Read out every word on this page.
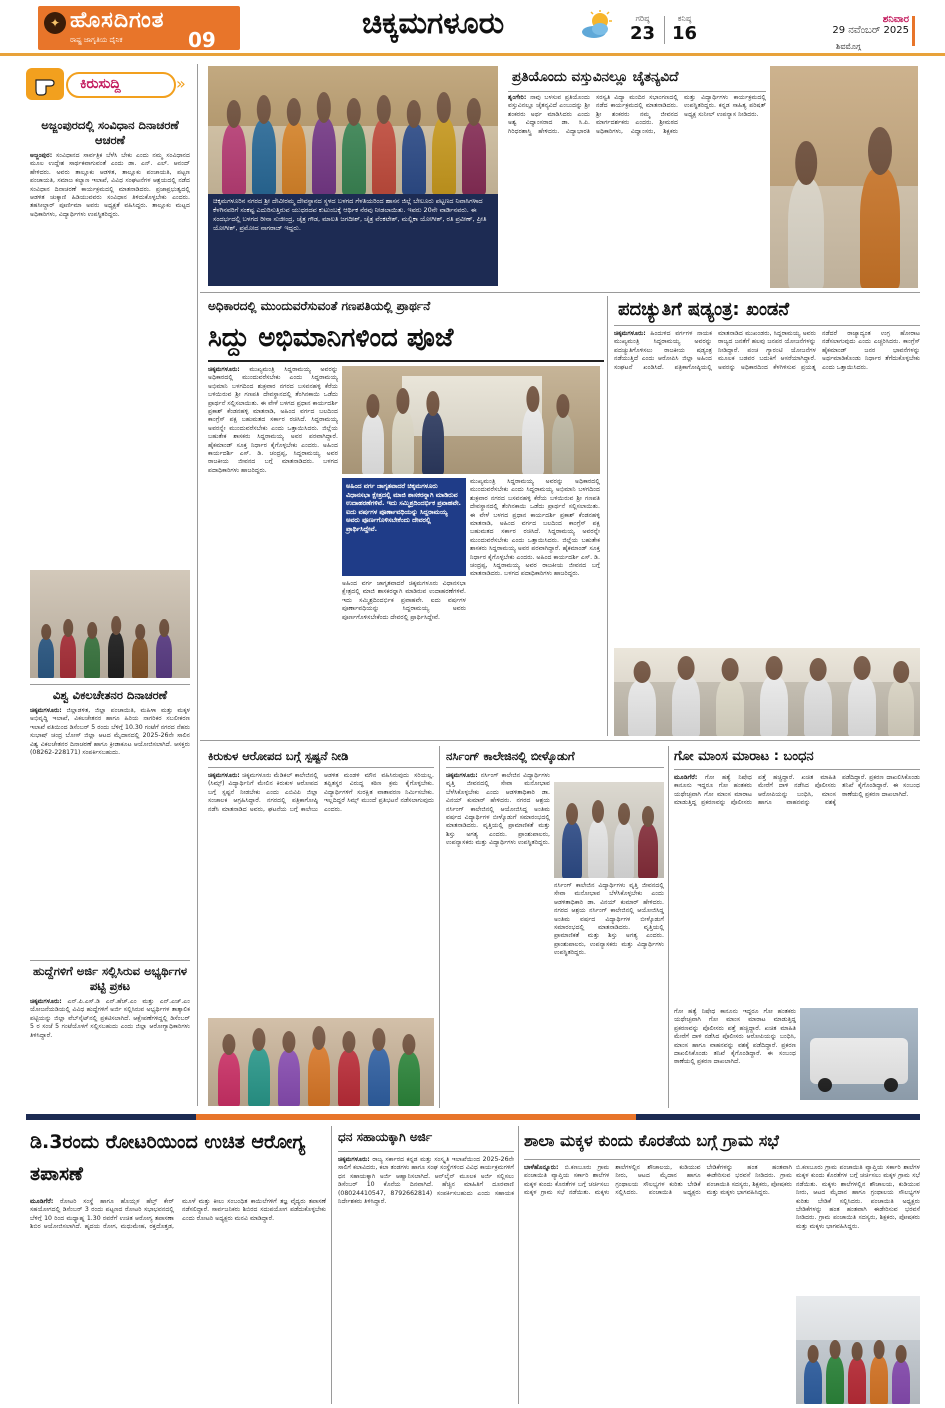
✦ ಹೊಸದಿಗಂತ
ರಾಷ್ಟ್ರ ಜಾಗೃತಿಯ ದೈನಿಕ	09	ಚಿಕ್ಕಮಗಳೂರು	ಗರಿಷ್ಠ
23
ಕನಿಷ್ಠ
16
ಶನಿವಾರ
29 ನವೆಂಬರ್ 2025
ಶಿವಮೊಗ್ಗ
ಕಿರುಸುದ್ದಿ	»
ಅಜ್ಜಂಪುರದಲ್ಲಿ ಸಂವಿಧಾನ ದಿನಾಚರಣೆ ಆಚರಣೆ
ಅಜ್ಜಂಪುರ: ಸಂವಿಧಾನದ ಸಾರ್ವತ್ರಿಕ ಬೆಳೆಸಿ ಬೇಕು ಎಂದು ನಮ್ಮ ಸಂವಿಧಾನದ ಮೂಲ ಉದ್ದೇಶ ಸಾರ್ಥಕವಾಗುವಂತೆ ಎಂದು ಡಾ. ಎನ್. ಎಲ್. ಆನಂದ್ ಹೇಳಿದರು. ಅವರು ತಾಲ್ಲೂಕು ಆಡಳಿತ, ತಾಲ್ಲೂಕು ಪಂಚಾಯತಿ, ಪಟ್ಟಣ ಪಂಚಾಯತಿ, ಸಮಾಜ ಕಲ್ಯಾಣ ಇಲಾಖೆ, ವಿವಿಧ ಸಂಘಟನೆಗಳ ಆಶ್ರಯದಲ್ಲಿ ನಡೆದ ಸಂವಿಧಾನ ದಿನಾಚರಣೆ ಕಾರ್ಯಕ್ರಮದಲ್ಲಿ ಮಾತನಾಡಿದರು. ಪ್ರಜಾಪ್ರಭುತ್ವದಲ್ಲಿ ಆಡಳಿತ ಚುಕ್ಕಾಣಿ ಹಿಡಿಯುವವರು ಸಂವಿಧಾನ ತಿಳಿದುಕೊಳ್ಳಬೇಕು ಎಂದರು. ತಹಸೀಲ್ದಾರ್ ಪೂರ್ಣಿಮಾ ಅವರು ಅಧ್ಯಕ್ಷತೆ ವಹಿಸಿದ್ದರು. ತಾಲ್ಲೂಕು ಮಟ್ಟದ ಅಧಿಕಾರಿಗಳು, ವಿದ್ಯಾರ್ಥಿಗಳು ಉಪಸ್ಥಿತರಿದ್ದರು.
ವಿಶ್ವ ವಿಕಲಚೇತನರ ದಿನಾಚರಣೆ
ಚಿಕ್ಕಮಗಳೂರು: ಜಿಲ್ಲಾಡಳಿತ, ಜಿಲ್ಲಾ ಪಂಚಾಯಿತಿ, ಮಹಿಳಾ ಮತ್ತು ಮಕ್ಕಳ ಅಭಿವೃದ್ಧಿ ಇಲಾಖೆ, ವಿಕಲಚೇತನರ ಹಾಗೂ ಹಿರಿಯ ನಾಗರಿಕರ ಸಬಲೀಕರಣ ಇಲಾಖೆ ವತಿಯಿಂದ ಡಿಸೆಂಬರ್ 5 ರಂದು ಬೆಳಿಗ್ಗೆ 10.30 ಗಂಟೆಗೆ ನಗರದ ನೆಹರು ಸುಭಾಷ್ ಚಂದ್ರ ಬೋಸ್ ಜಿಲ್ಲಾ ಆಟದ ಮೈದಾನದಲ್ಲಿ 2025-26ನೇ ಸಾಲಿನ ವಿಶ್ವ ವಿಕಲಚೇತನರ ದಿನಾಚರಣೆ ಹಾಗೂ ಕ್ರೀಡಾಕೂಟ ಆಯೋಜಿಸಲಾಗಿದೆ. ಆಸಕ್ತರು (08262-228171) ಸಂಪರ್ಕಿಸಬಹುದು.
ಹುದ್ದೆಗಳಿಗೆ ಅರ್ಜಿ ಸಲ್ಲಿಸಿರುವ ಅಭ್ಯರ್ಥಿಗಳ ಪಟ್ಟಿ ಪ್ರಕಟ
ಚಿಕ್ಕಮಗಳೂರು: ಎನ್.ಪಿ.ಎಸ್.ಡಿ ಎನ್.ಹೆಚ್.ಎಂ ಮತ್ತು ಎನ್.ಎಚ್.ಎಂ ಯೋಜನೆಯಡಿಯಲ್ಲಿ ವಿವಿಧ ಹುದ್ದೆಗಳಿಗೆ ಅರ್ಜಿ ಸಲ್ಲಿಸಿರುವ ಅಭ್ಯರ್ಥಿಗಳ ತಾತ್ಕಾಲಿಕ ಪಟ್ಟಿಯನ್ನು ಜಿಲ್ಲಾ ವೆಬ್‌ಸೈಟ್‌ನಲ್ಲಿ ಪ್ರಕಟಿಸಲಾಗಿದೆ. ಆಕ್ಷೇಪಣೆಗಳಿದ್ದಲ್ಲಿ ಡಿಸೆಂಬರ್ 5 ರ ಸಂಜೆ 5 ಗಂಟೆಯೊಳಗೆ ಸಲ್ಲಿಸಬಹುದು ಎಂದು ಜಿಲ್ಲಾ ಆರೋಗ್ಯಾಧಿಕಾರಿಗಳು ತಿಳಿಸಿದ್ದಾರೆ.
ಚಿಕ್ಕಮಗಳೂರಿನ ನಗರದ ಶ್ರೀ ದೇವೀರಮ್ಮ ದೇವಸ್ಥಾನದ ಸ್ಥಳದ ಬಳಗದ ಗೆಳತಿಯರಿಂದ ಹಾಸನ ಜಿಲ್ಲೆ ಬೇಲೂರು ಪಟ್ಟಣದ ನಿವಾಸಿಗಳಾದ ಕೆಳಗಿನವರಿಗೆ ಸಂಕಷ್ಟ ಎದುರಿಸುತ್ತಿರುವ ಯುಧರದವ ಕುಟುಂಬಕ್ಕೆ ಆರ್ಥಿಕ ನೆರವು ನೀಡಲಾಯಿತು. ಇವರು 20ನೇ ವಾರ್ಡಿನವರು. ಈ ಸಂದರ್ಭದಲ್ಲಿ ಬಳಗದ ರೀನಾ ಸುಜೀಂದ್ರ, ಚೈತ್ರ ಗೌಡ, ಮಾಲತಿ ಜಗದೀಶ್, ಚೈತ್ರ ವೆಂಕಟೇಶ್, ಮಲ್ಲಿಕಾ ಯೋಗೀಶ್, ರತಿ ಪ್ರವೀಣ್, ಪ್ರೀತಿ ಯೋಗೀಶ್, ಪ್ರಮೋದ ನಾಗರಾಜ್ ಇದ್ದರು.
ಪ್ರತಿಯೊಂದು ವಸ್ತುವಿನಲ್ಲೂ ಚೈತನ್ಯವಿದೆ
ಶೃಂಗೇರಿ: ನಾವು ಬಳಸುವ ಪ್ರತಿಯೊಂದು ವಸ್ತುವಿನಲ್ಲೂ ಚೈತನ್ಯವಿದೆ ಎಂಬುದನ್ನು ಶ್ರೀ ಶಂಕರರು ಅರ್ಥ ಮಾಡಿಸಿದರು ಎಂದು ಅಶ್ವ ವಿದ್ವಾಂಸರಾದ ಡಾ. ಸಿ.ಪಿ. ಗಿರಿಧರಶಾಸ್ತ್ರಿ ಹೇಳಿದರು. ವಿದ್ಯಾಭಾರತಿ ಸರಸ್ವತಿ ವಿದ್ಯಾ ಮಂದಿರ ಸಭಾಂಗಣದಲ್ಲಿ ನಡೆದ ಕಾರ್ಯಕ್ರಮದಲ್ಲಿ ಮಾತನಾಡಿದರು. ಶ್ರೀ ಶಂಕರರು ನಮ್ಮ ಜೀವನದ ಮಾರ್ಗದರ್ಶಕರು ಎಂದರು. ಶ್ರೀಮಠದ ಅಧಿಕಾರಿಗಳು, ವಿದ್ವಾಂಸರು, ಶಿಕ್ಷಕರು ಮತ್ತು ವಿದ್ಯಾರ್ಥಿಗಳು ಕಾರ್ಯಕ್ರಮದಲ್ಲಿ ಉಪಸ್ಥಿತರಿದ್ದರು. ಕನ್ನಡ ಸಾಹಿತ್ಯ ಪರಿಷತ್ ಅಧ್ಯಕ್ಷ ಸುನೀಲ್ ಉಪನ್ಯಾಸ ನೀಡಿದರು.
ಅಧಿಕಾರದಲ್ಲಿ ಮುಂದುವರೆಸುವಂತೆ ಗಣಪತಿಯಲ್ಲಿ ಪ್ರಾರ್ಥನೆ
ಸಿದ್ದು ಅಭಿಮಾನಿಗಳಿಂದ ಪೂಜೆ
ಚಿಕ್ಕಮಗಳೂರು: ಮುಖ್ಯಮಂತ್ರಿ ಸಿದ್ದರಾಮಯ್ಯ ಅವರನ್ನು ಅಧಿಕಾರದಲ್ಲಿ ಮುಂದುವರೆಸಬೇಕು ಎಂದು ಸಿದ್ದರಾಮಯ್ಯ ಅಭಿಮಾನಿ ಬಳಗದಿಂದ ಶುಕ್ರವಾರ ನಗರದ ಬಸವನಹಳ್ಳಿ ಕೆರೆಯ ಬಳಿಯಿರುವ ಶ್ರೀ ಗಣಪತಿ ದೇವಸ್ಥಾನದಲ್ಲಿ ತೆಂಗಿನಕಾಯಿ ಒಡೆದು ಪ್ರಾರ್ಥನೆ ಸಲ್ಲಿಸಲಾಯಿತು. ಈ ವೇಳೆ ಬಳಗದ ಪ್ರಧಾನ ಕಾರ್ಯದರ್ಶಿ ಪ್ರಕಾಶ್ ಕೆಂಡನಹಳ್ಳಿ ಮಾತನಾಡಿ, ಅಹಿಂದ ವರ್ಗದ ಬಲದಿಂದ ಕಾಂಗ್ರೆಸ್ ಪಕ್ಷ ಬಹುಮತದ ಸರ್ಕಾರ ರಚಿಸಿದೆ. ಸಿದ್ದರಾಮಯ್ಯ ಅವರನ್ನೇ ಮುಂದುವರೆಸಬೇಕು ಎಂದು ಒತ್ತಾಯಿಸಿದರು. ಜಿಲ್ಲೆಯ ಬಹುತೇಕ ಶಾಸಕರು ಸಿದ್ದರಾಮಯ್ಯ ಅವರ ಪರವಾಗಿದ್ದಾರೆ. ಹೈಕಮಾಂಡ್ ಸೂಕ್ತ ನಿರ್ಧಾರ ಕೈಗೊಳ್ಳಬೇಕು ಎಂದರು. ಅಹಿಂದ ಕಾರ್ಯದರ್ಶಿ ಎಸ್. ಡಿ. ಚಂದ್ರಪ್ಪ, ಸಿದ್ದರಾಮಯ್ಯ ಅವರ ರಾಜಕೀಯ ಜೀವನದ ಬಗ್ಗೆ ಮಾತನಾಡಿದರು. ಬಳಗದ ಪದಾಧಿಕಾರಿಗಳು ಹಾಜರಿದ್ದರು.
ಅಹಿಂದ ವರ್ಗ ಜಾಗೃತವಾದರೆ ಚಿಕ್ಕಮಗಳೂರು ವಿಧಾನಸಭಾ ಕ್ಷೇತ್ರದಲ್ಲಿ ಮಾಜಿ ಶಾಸಕರನ್ನಾಗಿ ಮಾಡಿರುವ ಉದಾಹರಣೆಗಳಿವೆ. ಇದು ಸಮ್ಮಿಶ್ರದಿಂದರ್ಭಿಕ ಪ್ರವಾಹವೇ. ಐದು ವರ್ಷಗಳ ಪೂರ್ಣಾವಧಿಯನ್ನು ಸಿದ್ದರಾಮಯ್ಯ ಅವರು ಪೂರ್ಣಗೊಳಿಸಬೇಕೆಂದು ದೇವರಲ್ಲಿ ಪ್ರಾರ್ಥಿಸಿದ್ದೇವೆ.
ಮುಖ್ಯಮಂತ್ರಿ ಸಿದ್ದರಾಮಯ್ಯ ಅವರನ್ನು ಅಧಿಕಾರದಲ್ಲಿ ಮುಂದುವರೆಸಬೇಕು ಎಂದು ಸಿದ್ದರಾಮಯ್ಯ ಅಭಿಮಾನಿ ಬಳಗದಿಂದ ಶುಕ್ರವಾರ ನಗರದ ಬಸವನಹಳ್ಳಿ ಕೆರೆಯ ಬಳಿಯಿರುವ ಶ್ರೀ ಗಣಪತಿ ದೇವಸ್ಥಾನದಲ್ಲಿ ತೆಂಗಿನಕಾಯಿ ಒಡೆದು ಪ್ರಾರ್ಥನೆ ಸಲ್ಲಿಸಲಾಯಿತು. ಈ ವೇಳೆ ಬಳಗದ ಪ್ರಧಾನ ಕಾರ್ಯದರ್ಶಿ ಪ್ರಕಾಶ್ ಕೆಂಡನಹಳ್ಳಿ ಮಾತನಾಡಿ, ಅಹಿಂದ ವರ್ಗದ ಬಲದಿಂದ ಕಾಂಗ್ರೆಸ್ ಪಕ್ಷ ಬಹುಮತದ ಸರ್ಕಾರ ರಚಿಸಿದೆ. ಸಿದ್ದರಾಮಯ್ಯ ಅವರನ್ನೇ ಮುಂದುವರೆಸಬೇಕು ಎಂದು ಒತ್ತಾಯಿಸಿದರು. ಜಿಲ್ಲೆಯ ಬಹುತೇಕ ಶಾಸಕರು ಸಿದ್ದರಾಮಯ್ಯ ಅವರ ಪರವಾಗಿದ್ದಾರೆ. ಹೈಕಮಾಂಡ್ ಸೂಕ್ತ ನಿರ್ಧಾರ ಕೈಗೊಳ್ಳಬೇಕು ಎಂದರು. ಅಹಿಂದ ಕಾರ್ಯದರ್ಶಿ ಎಸ್. ಡಿ. ಚಂದ್ರಪ್ಪ, ಸಿದ್ದರಾಮಯ್ಯ ಅವರ ರಾಜಕೀಯ ಜೀವನದ ಬಗ್ಗೆ ಮಾತನಾಡಿದರು. ಬಳಗದ ಪದಾಧಿಕಾರಿಗಳು ಹಾಜರಿದ್ದರು.
ಅಹಿಂದ ವರ್ಗ ಜಾಗೃತವಾದರೆ ಚಿಕ್ಕಮಗಳೂರು ವಿಧಾನಸಭಾ ಕ್ಷೇತ್ರದಲ್ಲಿ ಮಾಜಿ ಶಾಸಕರನ್ನಾಗಿ ಮಾಡಿರುವ ಉದಾಹರಣೆಗಳಿವೆ. ಇದು ಸಮ್ಮಿಶ್ರದಿಂದರ್ಭಿಕ ಪ್ರವಾಹವೇ. ಐದು ವರ್ಷಗಳ ಪೂರ್ಣಾವಧಿಯನ್ನು ಸಿದ್ದರಾಮಯ್ಯ ಅವರು ಪೂರ್ಣಗೊಳಿಸಬೇಕೆಂದು ದೇವರಲ್ಲಿ ಪ್ರಾರ್ಥಿಸಿದ್ದೇವೆ.
ಪದಚ್ಯುತಿಗೆ ಷಡ್ಯಂತ್ರ: ಖಂಡನೆ
ಚಿಕ್ಕಮಗಳೂರು: ಹಿಂದುಳಿದ ವರ್ಗಗಳ ನಾಯಕ ಮುಖ್ಯಮಂತ್ರಿ ಸಿದ್ದರಾಮಯ್ಯ ಅವರನ್ನು ಪದಚ್ಯುತಿಗೊಳಿಸಲು ರಾಜಕೀಯ ಷಡ್ಯಂತ್ರ ನಡೆಯುತ್ತಿದೆ ಎಂದು ಆರೋಪಿಸಿ ಜಿಲ್ಲಾ ಅಹಿಂದ ಸಂಘಟನೆ ಖಂಡಿಸಿದೆ. ಪತ್ರಿಕಾಗೋಷ್ಠಿಯಲ್ಲಿ ಮಾತನಾಡಿದ ಮುಖಂಡರು, ಸಿದ್ದರಾಮಯ್ಯ ಅವರು ರಾಜ್ಯದ ಜನತೆಗೆ ಹಲವು ಜನಪರ ಯೋಜನೆಗಳನ್ನು ನೀಡಿದ್ದಾರೆ. ಪಂಚ ಗ್ಯಾರಂಟಿ ಯೋಜನೆಗಳ ಮೂಲಕ ಬಡವರ ಬದುಕಿಗೆ ಆಸರೆಯಾಗಿದ್ದಾರೆ. ಅವರನ್ನು ಅಧಿಕಾರದಿಂದ ಕೆಳಗಿಳಿಸುವ ಪ್ರಯತ್ನ ನಡೆದರೆ ರಾಜ್ಯಾದ್ಯಂತ ಉಗ್ರ ಹೋರಾಟ ನಡೆಸಲಾಗುವುದು ಎಂದು ಎಚ್ಚರಿಸಿದರು. ಕಾಂಗ್ರೆಸ್ ಹೈಕಮಾಂಡ್ ಜನರ ಭಾವನೆಗಳನ್ನು ಅರ್ಥಮಾಡಿಕೊಂಡು ನಿರ್ಧಾರ ತೆಗೆದುಕೊಳ್ಳಬೇಕು ಎಂದು ಒತ್ತಾಯಿಸಿದರು.
ಕಿರುಕುಳ ಆರೋಪದ ಬಗ್ಗೆ ಸ್ಪಷ್ಟನೆ ನೀಡಿ
ಚಿಕ್ಕಮಗಳೂರು: ಚಿಕ್ಕಮಗಳೂರು ಮೆಡಿಕಲ್ ಕಾಲೇಜಿನಲ್ಲಿ (ಸಿಮ್ಸ್) ವಿದ್ಯಾರ್ಥಿನಿಗೆ ಮೇಲಿನ ಕಿರುಕುಳ ಆರೋಪದ ಬಗ್ಗೆ ಸ್ಪಷ್ಟನೆ ನೀಡಬೇಕು ಎಂದು ಎಬಿವಿಪಿ ಜಿಲ್ಲಾ ಸಂಚಾಲಕ ಆಗ್ರಹಿಸಿದ್ದಾರೆ. ನಗರದಲ್ಲಿ ಪತ್ರಿಕಾಗೋಷ್ಠಿ ನಡೆಸಿ ಮಾತನಾಡಿದ ಅವರು, ಘಟನೆಯ ಬಗ್ಗೆ ಕಾಲೇಜು ಆಡಳಿತ ಮಂಡಳಿ ಮೌನ ವಹಿಸಿರುವುದು ಸರಿಯಲ್ಲ. ತಪ್ಪಿತಸ್ಥರ ವಿರುದ್ಧ ಕಠಿಣ ಕ್ರಮ ಕೈಗೊಳ್ಳಬೇಕು. ವಿದ್ಯಾರ್ಥಿಗಳಿಗೆ ಸುರಕ್ಷಿತ ವಾತಾವರಣ ನಿರ್ಮಿಸಬೇಕು. ಇಲ್ಲದಿದ್ದರೆ ಸಿಮ್ಸ್ ಮುಂದೆ ಪ್ರತಿಭಟನೆ ನಡೆಸಲಾಗುವುದು ಎಂದರು.
ನರ್ಸಿಂಗ್ ಕಾಲೇಜಿನಲ್ಲಿ ಬೀಳ್ಕೊಡುಗೆ
ಚಿಕ್ಕಮಗಳೂರು: ನರ್ಸಿಂಗ್ ಕಾಲೇಜಿನ ವಿದ್ಯಾರ್ಥಿಗಳು ವೃತ್ತಿ ಜೀವನದಲ್ಲಿ ಸೇವಾ ಮನೋಭಾವ ಬೆಳೆಸಿಕೊಳ್ಳಬೇಕು ಎಂದು ಆಡಳಿತಾಧಿಕಾರಿ ಡಾ. ವಿನಯ್ ಕುಮಾರ್ ಹೇಳಿದರು. ನಗರದ ಆಶ್ರಯ ನರ್ಸಿಂಗ್ ಕಾಲೇಜಿನಲ್ಲಿ ಆಯೋಜಿಸಿದ್ದ ಅಂತಿಮ ವರ್ಷದ ವಿದ್ಯಾರ್ಥಿಗಳ ಬೀಳ್ಕೊಡುಗೆ ಸಮಾರಂಭದಲ್ಲಿ ಮಾತನಾಡಿದರು. ವೃತ್ತಿಯಲ್ಲಿ ಪ್ರಾಮಾಣಿಕತೆ ಮತ್ತು ಶಿಸ್ತು ಅಗತ್ಯ ಎಂದರು. ಪ್ರಾಂಶುಪಾಲರು, ಉಪನ್ಯಾಸಕರು ಮತ್ತು ವಿದ್ಯಾರ್ಥಿಗಳು ಉಪಸ್ಥಿತರಿದ್ದರು.
ನರ್ಸಿಂಗ್ ಕಾಲೇಜಿನ ವಿದ್ಯಾರ್ಥಿಗಳು ವೃತ್ತಿ ಜೀವನದಲ್ಲಿ ಸೇವಾ ಮನೋಭಾವ ಬೆಳೆಸಿಕೊಳ್ಳಬೇಕು ಎಂದು ಆಡಳಿತಾಧಿಕಾರಿ ಡಾ. ವಿನಯ್ ಕುಮಾರ್ ಹೇಳಿದರು. ನಗರದ ಆಶ್ರಯ ನರ್ಸಿಂಗ್ ಕಾಲೇಜಿನಲ್ಲಿ ಆಯೋಜಿಸಿದ್ದ ಅಂತಿಮ ವರ್ಷದ ವಿದ್ಯಾರ್ಥಿಗಳ ಬೀಳ್ಕೊಡುಗೆ ಸಮಾರಂಭದಲ್ಲಿ ಮಾತನಾಡಿದರು. ವೃತ್ತಿಯಲ್ಲಿ ಪ್ರಾಮಾಣಿಕತೆ ಮತ್ತು ಶಿಸ್ತು ಅಗತ್ಯ ಎಂದರು. ಪ್ರಾಂಶುಪಾಲರು, ಉಪನ್ಯಾಸಕರು ಮತ್ತು ವಿದ್ಯಾರ್ಥಿಗಳು ಉಪಸ್ಥಿತರಿದ್ದರು.
ಗೋ ಮಾಂಸ ಮಾರಾಟ : ಬಂಧನ
ಮೂಡಿಗೆರೆ: ಗೋ ಹತ್ಯೆ ನಿಷೇಧ ಕಾನೂನು ಇದ್ದರೂ ಗೋ ಹಂತಕರು ಯಥೇಚ್ಛವಾಗಿ ಗೋ ಮಾಂಸ ಮಾರಾಟ ಮಾಡುತ್ತಿದ್ದ ಪ್ರಕರಣವನ್ನು ಪೊಲೀಸರು ಪತ್ತೆ ಹಚ್ಚಿದ್ದಾರೆ. ಖಚಿತ ಮಾಹಿತಿ ಮೇರೆಗೆ ದಾಳಿ ನಡೆಸಿದ ಪೊಲೀಸರು ಆರೋಪಿಯನ್ನು ಬಂಧಿಸಿ, ಮಾಂಸ ಹಾಗೂ ವಾಹನವನ್ನು ವಶಕ್ಕೆ ಪಡೆದಿದ್ದಾರೆ. ಪ್ರಕರಣ ದಾಖಲಿಸಿಕೊಂಡು ತನಿಖೆ ಕೈಗೊಂಡಿದ್ದಾರೆ. ಈ ಸಂಬಂಧ ಠಾಣೆಯಲ್ಲಿ ಪ್ರಕರಣ ದಾಖಲಾಗಿದೆ.
ಗೋ ಹತ್ಯೆ ನಿಷೇಧ ಕಾನೂನು ಇದ್ದರೂ ಗೋ ಹಂತಕರು ಯಥೇಚ್ಛವಾಗಿ ಗೋ ಮಾಂಸ ಮಾರಾಟ ಮಾಡುತ್ತಿದ್ದ ಪ್ರಕರಣವನ್ನು ಪೊಲೀಸರು ಪತ್ತೆ ಹಚ್ಚಿದ್ದಾರೆ. ಖಚಿತ ಮಾಹಿತಿ ಮೇರೆಗೆ ದಾಳಿ ನಡೆಸಿದ ಪೊಲೀಸರು ಆರೋಪಿಯನ್ನು ಬಂಧಿಸಿ, ಮಾಂಸ ಹಾಗೂ ವಾಹನವನ್ನು ವಶಕ್ಕೆ ಪಡೆದಿದ್ದಾರೆ. ಪ್ರಕರಣ ದಾಖಲಿಸಿಕೊಂಡು ತನಿಖೆ ಕೈಗೊಂಡಿದ್ದಾರೆ. ಈ ಸಂಬಂಧ ಠಾಣೆಯಲ್ಲಿ ಪ್ರಕರಣ ದಾಖಲಾಗಿದೆ.
ಡಿ.3ರಂದು ರೋಟರಿಯಿಂದ ಉಚಿತ ಆರೋಗ್ಯ ತಪಾಸಣೆ
ಮೂಡಿಗೆರೆ: ರೋಟರಿ ಸಂಸ್ಥೆ ಹಾಗೂ ಹೊಯ್ಸಳ ಹೆಲ್ತ್ ಕೇರ್ ಸಹಯೋಗದಲ್ಲಿ ಡಿಸೆಂಬರ್ 3 ರಂದು ಪಟ್ಟಣದ ರೋಟರಿ ಸಭಾಭವನದಲ್ಲಿ ಬೆಳಿಗ್ಗೆ 10 ರಿಂದ ಮಧ್ಯಾಹ್ನ 1.30 ರವರೆಗೆ ಉಚಿತ ಆರೋಗ್ಯ ತಪಾಸಣಾ ಶಿಬಿರ ಆಯೋಜಿಸಲಾಗಿದೆ. ಹೃದಯ ರೋಗ, ಮಧುಮೇಹ, ರಕ್ತದೊತ್ತಡ, ಮೂಳೆ ಮತ್ತು ಕೀಲು ಸಂಬಂಧಿತ ಕಾಯಿಲೆಗಳಿಗೆ ತಜ್ಞ ವೈದ್ಯರು ತಪಾಸಣೆ ನಡೆಸಲಿದ್ದಾರೆ. ಸಾರ್ವಜನಿಕರು ಶಿಬಿರದ ಸದುಪಯೋಗ ಪಡೆದುಕೊಳ್ಳಬೇಕು ಎಂದು ರೋಟರಿ ಅಧ್ಯಕ್ಷರು ಮನವಿ ಮಾಡಿದ್ದಾರೆ.
ಧನ ಸಹಾಯಕ್ಕಾಗಿ ಅರ್ಜಿ
ಚಿಕ್ಕಮಗಳೂರು: ರಾಜ್ಯ ಸರ್ಕಾರದ ಕನ್ನಡ ಮತ್ತು ಸಂಸ್ಕೃತಿ ಇಲಾಖೆಯಿಂದ 2025-26ನೇ ಸಾಲಿಗೆ ಕಲಾವಿದರು, ಕಲಾ ತಂಡಗಳು ಹಾಗೂ ಸಂಘ ಸಂಸ್ಥೆಗಳಿಂದ ವಿವಿಧ ಕಾರ್ಯಕ್ರಮಗಳಿಗೆ ಧನ ಸಹಾಯಕ್ಕಾಗಿ ಅರ್ಜಿ ಆಹ್ವಾನಿಸಲಾಗಿದೆ. ಆನ್‌ಲೈನ್ ಮೂಲಕ ಅರ್ಜಿ ಸಲ್ಲಿಸಲು ಡಿಸೆಂಬರ್ 10 ಕೊನೆಯ ದಿನವಾಗಿದೆ. ಹೆಚ್ಚಿನ ಮಾಹಿತಿಗೆ ದೂರವಾಣಿ (08024410547, 8792662814) ಸಂಪರ್ಕಿಸಬಹುದು ಎಂದು ಸಹಾಯಕ ನಿರ್ದೇಶಕರು ತಿಳಿಸಿದ್ದಾರೆ.
ಶಾಲಾ ಮಕ್ಕಳ ಕುಂದು ಕೊರತೆಯ ಬಗ್ಗೆ ಗ್ರಾಮ ಸಭೆ
ಬಾಳೆಹೊನ್ನೂರು: ಬಿ.ಕಣಬೂರು ಗ್ರಾಮ ಪಂಚಾಯಿತಿ ವ್ಯಾಪ್ತಿಯ ಸರ್ಕಾರಿ ಶಾಲೆಗಳ ಮಕ್ಕಳ ಕುಂದು ಕೊರತೆಗಳ ಬಗ್ಗೆ ಚರ್ಚಿಸಲು ಮಕ್ಕಳ ಗ್ರಾಮ ಸಭೆ ನಡೆಯಿತು. ಮಕ್ಕಳು ಶಾಲೆಗಳಲ್ಲಿನ ಶೌಚಾಲಯ, ಕುಡಿಯುವ ನೀರು, ಆಟದ ಮೈದಾನ ಹಾಗೂ ಗ್ರಂಥಾಲಯ ಸೌಲಭ್ಯಗಳ ಕುರಿತು ಬೇಡಿಕೆ ಸಲ್ಲಿಸಿದರು. ಪಂಚಾಯಿತಿ ಅಧ್ಯಕ್ಷರು ಬೇಡಿಕೆಗಳನ್ನು ಹಂತ ಹಂತವಾಗಿ ಈಡೇರಿಸುವ ಭರವಸೆ ನೀಡಿದರು. ಗ್ರಾಮ ಪಂಚಾಯಿತಿ ಸದಸ್ಯರು, ಶಿಕ್ಷಕರು, ಪೋಷಕರು ಮತ್ತು ಮಕ್ಕಳು ಭಾಗವಹಿಸಿದ್ದರು.
ಬಿ.ಕಣಬೂರು ಗ್ರಾಮ ಪಂಚಾಯಿತಿ ವ್ಯಾಪ್ತಿಯ ಸರ್ಕಾರಿ ಶಾಲೆಗಳ ಮಕ್ಕಳ ಕುಂದು ಕೊರತೆಗಳ ಬಗ್ಗೆ ಚರ್ಚಿಸಲು ಮಕ್ಕಳ ಗ್ರಾಮ ಸಭೆ ನಡೆಯಿತು. ಮಕ್ಕಳು ಶಾಲೆಗಳಲ್ಲಿನ ಶೌಚಾಲಯ, ಕುಡಿಯುವ ನೀರು, ಆಟದ ಮೈದಾನ ಹಾಗೂ ಗ್ರಂಥಾಲಯ ಸೌಲಭ್ಯಗಳ ಕುರಿತು ಬೇಡಿಕೆ ಸಲ್ಲಿಸಿದರು. ಪಂಚಾಯಿತಿ ಅಧ್ಯಕ್ಷರು ಬೇಡಿಕೆಗಳನ್ನು ಹಂತ ಹಂತವಾಗಿ ಈಡೇರಿಸುವ ಭರವಸೆ ನೀಡಿದರು. ಗ್ರಾಮ ಪಂಚಾಯಿತಿ ಸದಸ್ಯರು, ಶಿಕ್ಷಕರು, ಪೋಷಕರು ಮತ್ತು ಮಕ್ಕಳು ಭಾಗವಹಿಸಿದ್ದರು.
